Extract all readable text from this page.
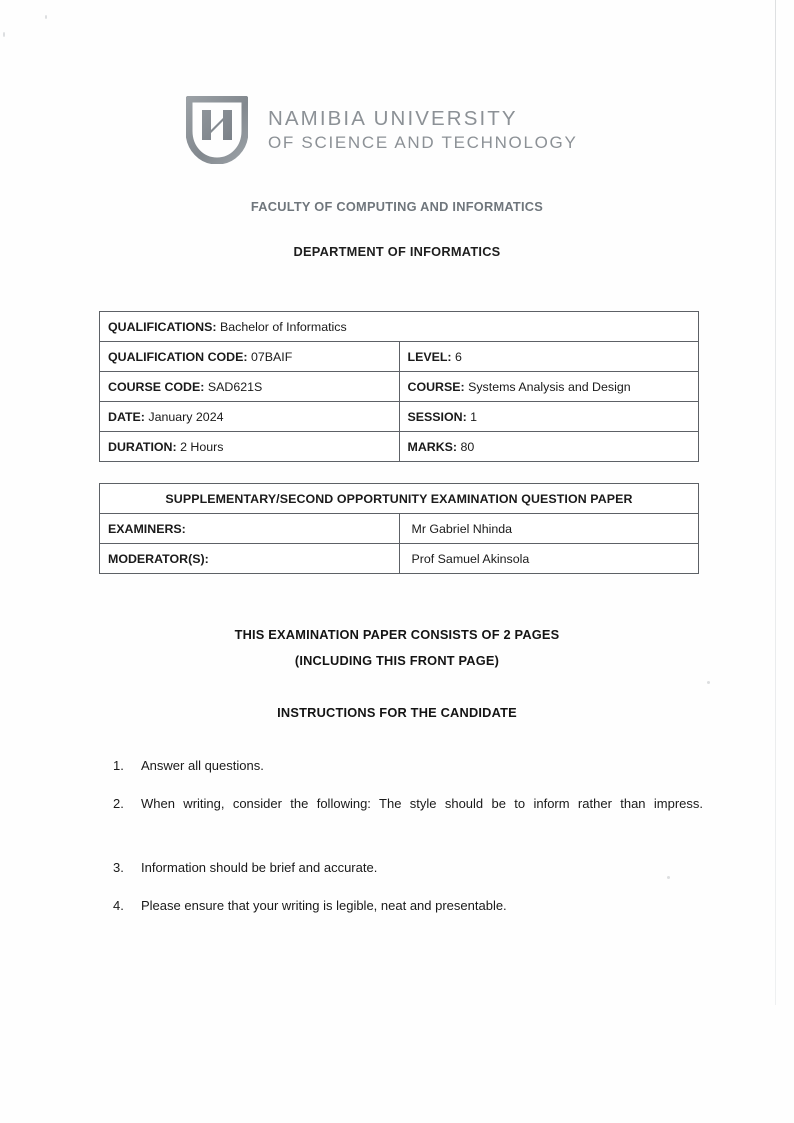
NAMIBIA UNIVERSITY
OF SCIENCE AND TECHNOLOGY
FACULTY OF COMPUTING AND INFORMATICS
DEPARTMENT OF INFORMATICS
QUALIFICATIONS: Bachelor of Informatics	
QUALIFICATION CODE: 07BAIF	LEVEL: 6
COURSE CODE: SAD621S	COURSE: Systems Analysis and Design
DATE: January 2024	SESSION: 1
DURATION: 2 Hours	MARKS: 80
SUPPLEMENTARY/SECOND OPPORTUNITY EXAMINATION QUESTION PAPER	
EXAMINERS:	Mr Gabriel Nhinda
MODERATOR(S):	Prof Samuel Akinsola
THIS EXAMINATION PAPER CONSISTS OF 2 PAGES
(INCLUDING THIS FRONT PAGE)
INSTRUCTIONS FOR THE CANDIDATE
1.	Answer all questions.
2.	When writing, consider the following: The style should be to inform rather than impress.
3.	Information should be brief and accurate.
4.	Please ensure that your writing is legible, neat and presentable.
